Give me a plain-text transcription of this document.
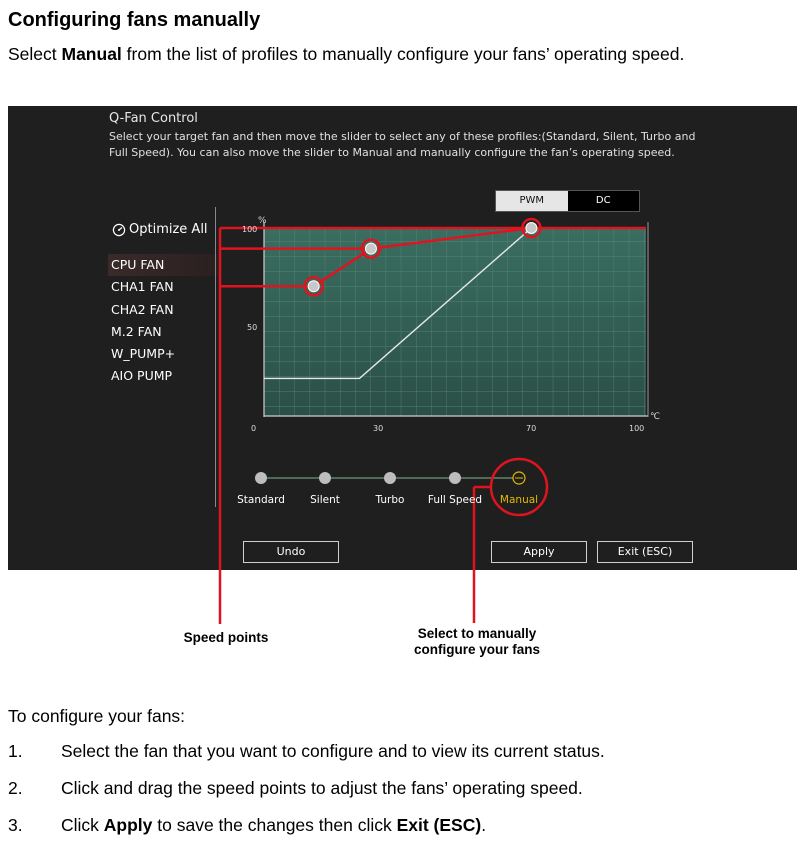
Configuring fans manually
Select Manual from the list of profiles to manually configure your fans’ operating speed.
Q-Fan Control
Select your target fan and then move the slider to select any of these profiles:(Standard, Silent, Turbo and Full Speed). You can also move the slider to Manual and manually configure the fan’s operating speed.
PWM	DC
Optimize All
CPU FAN
CHA1 FAN
CHA2 FAN
M.2 FAN
W_PUMP+
AIO PUMP
%
100
50
0	30	70	100
℃
Standard Silent	Turbo Full Speed Manual
Undo	Apply	Exit (ESC)
Speed points	Select to manually
configure your fans
To configure your fans:
1. Select the fan that you want to configure and to view its current status.
2. Click and drag the speed points to adjust the fans’ operating speed.
3. Click Apply to save the changes then click Exit (ESC).
